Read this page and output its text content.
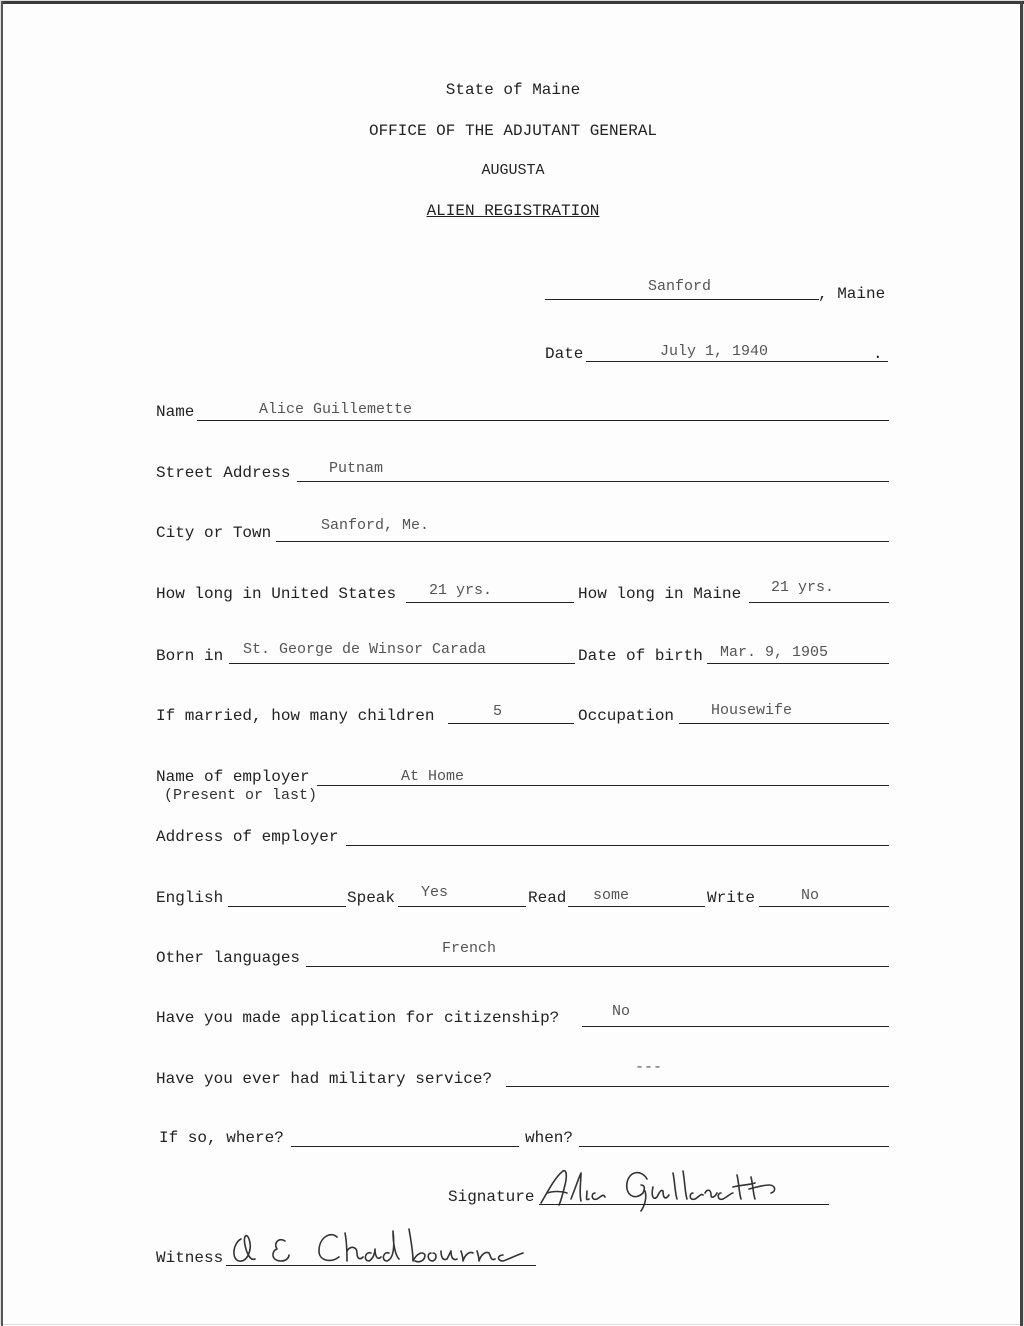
State of Maine
OFFICE OF THE ADJUTANT GENERAL
AUGUSTA
ALIEN REGISTRATION
Sanford	, Maine
Date	July 1, 1940	.
Name	Alice Guillemette
Street Address	Putnam
City or Town	Sanford, Me.
How long in United States 21 yrs.	How long in Maine 21 yrs.
Born in St. George de Winsor Carada	Date of birth Mar. 9, 1905
If married, how many children	5	Occupation Housewife
Name of employer	At Home
(Present or last)
Address of employer
English	Speak Yes	Read some	Write	No
Other languages
French
Have you made application for citizenship?	No
Have you ever had military service?
---
If so, where?	when?
Signature
Witness
